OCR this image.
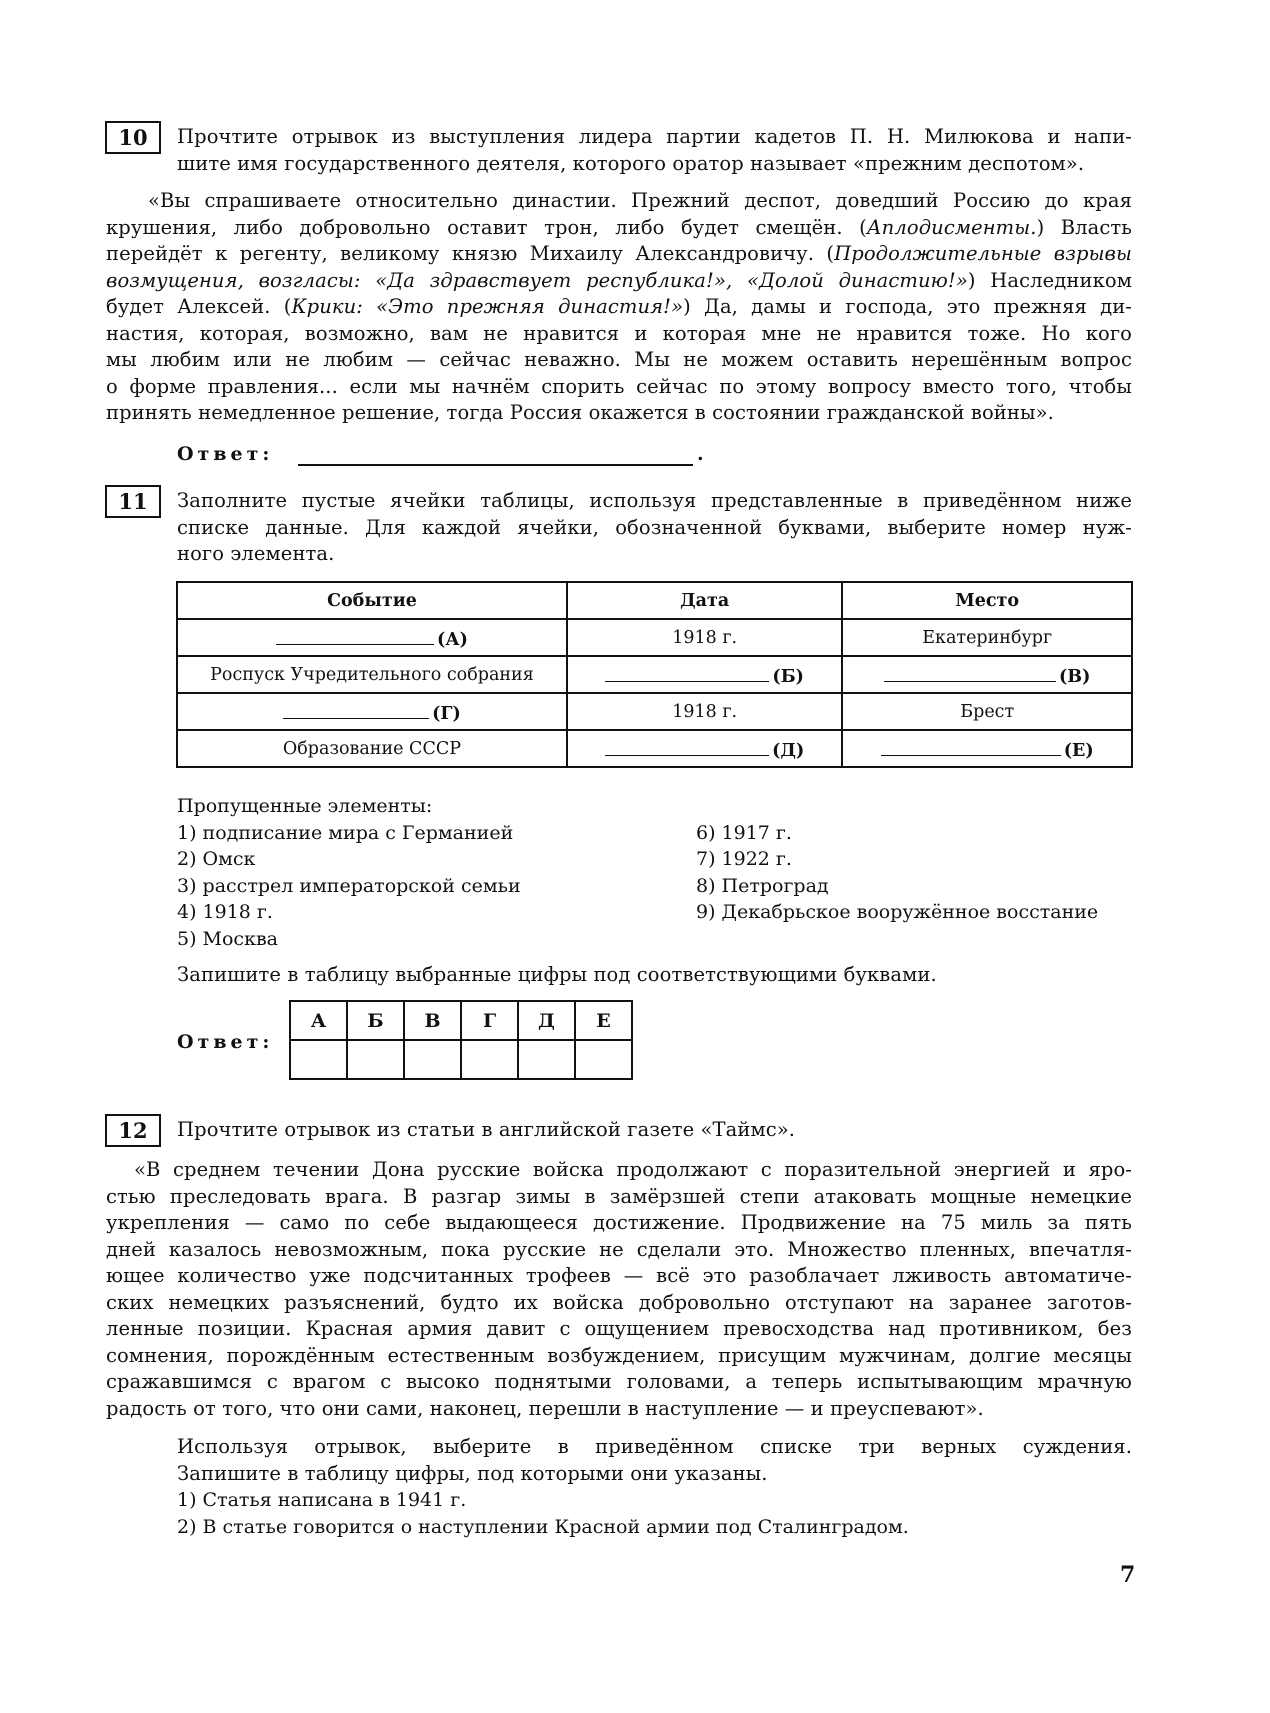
10	Прочтите отрывок из выступления лидера партии кадетов П. Н. Милюкова и напи-
шите имя государственного деятеля, которого оратор называет «прежним деспотом».
«Вы спрашиваете относительно династии. Прежний деспот, доведший Россию до края
крушения, либо добровольно оставит трон, либо будет смещён. (Аплодисменты.) Власть
перейдёт к регенту, великому князю Михаилу Александровичу. (Продолжительные взрывы
возмущения, возгласы: «Да здравствует республика!», «Долой династию!») Наследником
будет Алексей. (Крики: «Это прежняя династия!») Да, дамы и господа, это прежняя ди-
настия, которая, возможно, вам не нравится и которая мне не нравится тоже. Но кого
мы любим или не любим — сейчас неважно. Мы не можем оставить нерешённым вопрос
о форме правления... если мы начнём спорить сейчас по этому вопросу вместо того, чтобы
принять немедленное решение, тогда Россия окажется в состоянии гражданской войны».
Ответ:	.
11	Заполните пустые ячейки таблицы, используя представленные в приведённом ниже
списке данные. Для каждой ячейки, обозначенной буквами, выберите номер нуж-
ного элемента.
Событие	Дата	Место
(А)	1918 г.	Екатеринбург
Роспуск Учредительного собрания	(Б)	(В)
(Г)	1918 г.	Брест
Образование СССР	(Д)	(Е)
Пропущенные элементы:
1) подписание мира с Германией
2) Омск
3) расстрел императорской семьи
4) 1918 г.
5) Москва
6) 1917 г.
7) 1922 г.
8) Петроград
9) Декабрьское вооружённое восстание
Запишите в таблицу выбранные цифры под соответствующими буквами.
Ответ:
А	Б	В	Г	Д	Е

12	Прочтите отрывок из статьи в английской газете «Таймс».
«В среднем течении Дона русские войска продолжают с поразительной энергией и яро-
стью преследовать врага. В разгар зимы в замёрзшей степи атаковать мощные немецкие
укрепления — само по себе выдающееся достижение. Продвижение на 75 миль за пять
дней казалось невозможным, пока русские не сделали это. Множество пленных, впечатля-
ющее количество уже подсчитанных трофеев — всё это разоблачает лживость автоматиче-
ских немецких разъяснений, будто их войска добровольно отступают на заранее заготов-
ленные позиции. Красная армия давит с ощущением превосходства над противником, без
сомнения, порождённым естественным возбуждением, присущим мужчинам, долгие месяцы
сражавшимся с врагом с высоко поднятыми головами, а теперь испытывающим мрачную
радость от того, что они сами, наконец, перешли в наступление — и преуспевают».
Используя отрывок, выберите в приведённом списке три верных суждения.
Запишите в таблицу цифры, под которыми они указаны.
1) Статья написана в 1941 г.
2) В статье говорится о наступлении Красной армии под Сталинградом.
7
